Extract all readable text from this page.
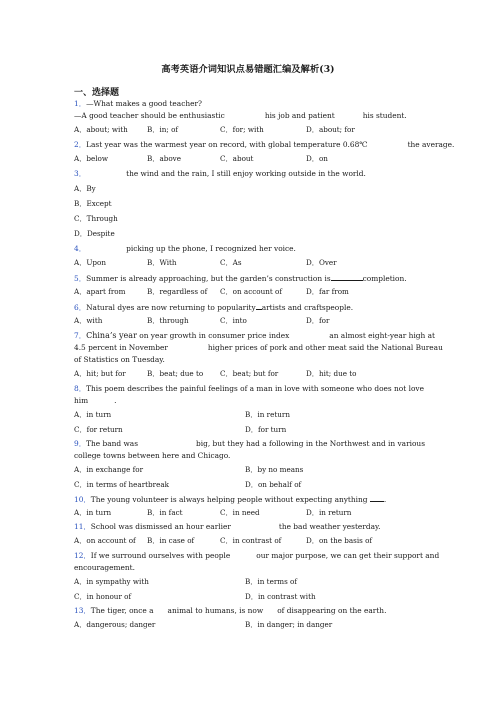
高考英语介词知识点易错题汇编及解析(3)
一、选择题
1．—What makes a good teacher?
—A good teacher should be enthusiastic	his job and patient	his student.
A．about; with	B．in; of	C．for; with	D．about; for
2．Last year was the warmest year on record, with global temperature 0.68℃	the average.
A．below	B．above	C．about	D．on
3．	the wind and the rain, I still enjoy working outside in the world.
A．By
B．Except
C．Through
D．Despite
4．	picking up the phone, I recognized her voice.
A．Upon	B．With	C．As	D．Over
5．Summer is already approaching, but the garden’s construction is	completion.
A．apart from	B．regardless of C．on account of	D．far from
6．Natural dyes are now returning to popularity artists and craftspeople.
A．with	B．through	C．into	D．for
7．China’s year on year growth in consumer price index	an almost eight-year high at
4.5 percent in November	higher prices of pork and other meat said the National Bureau
of Statistics on Tuesday.
A．hit; but for	B．beat; due to C．beat; but for	D．hit; due to
8．This poem describes the painful feelings of a man in love with someone who does not love
him	.
A．in turn	B．in return
C．for return	D．for turn
9．The band was	big, but they had a following in the Northwest and in various
college towns between here and Chicago.
A．in exchange for	B．by no means
C．in terms of heartbreak	D．on behalf of
10．The young volunteer is always helping people without expecting anything .
A．in turn	B．in fact	C．in need	D．in return
11．School was dismissed an hour earlier	the bad weather yesterday.
A．on account of B．in case of	C．in contrast of	D．on the basis of
12．If we surround ourselves with people	our major purpose, we can get their support and
encouragement.
A．in sympathy with	B．in terms of
C．in honour of	D．in contrast with
13．The tiger, once a animal to humans, is now of disappearing on the earth.
A．dangerous; danger	B．in danger; in danger
